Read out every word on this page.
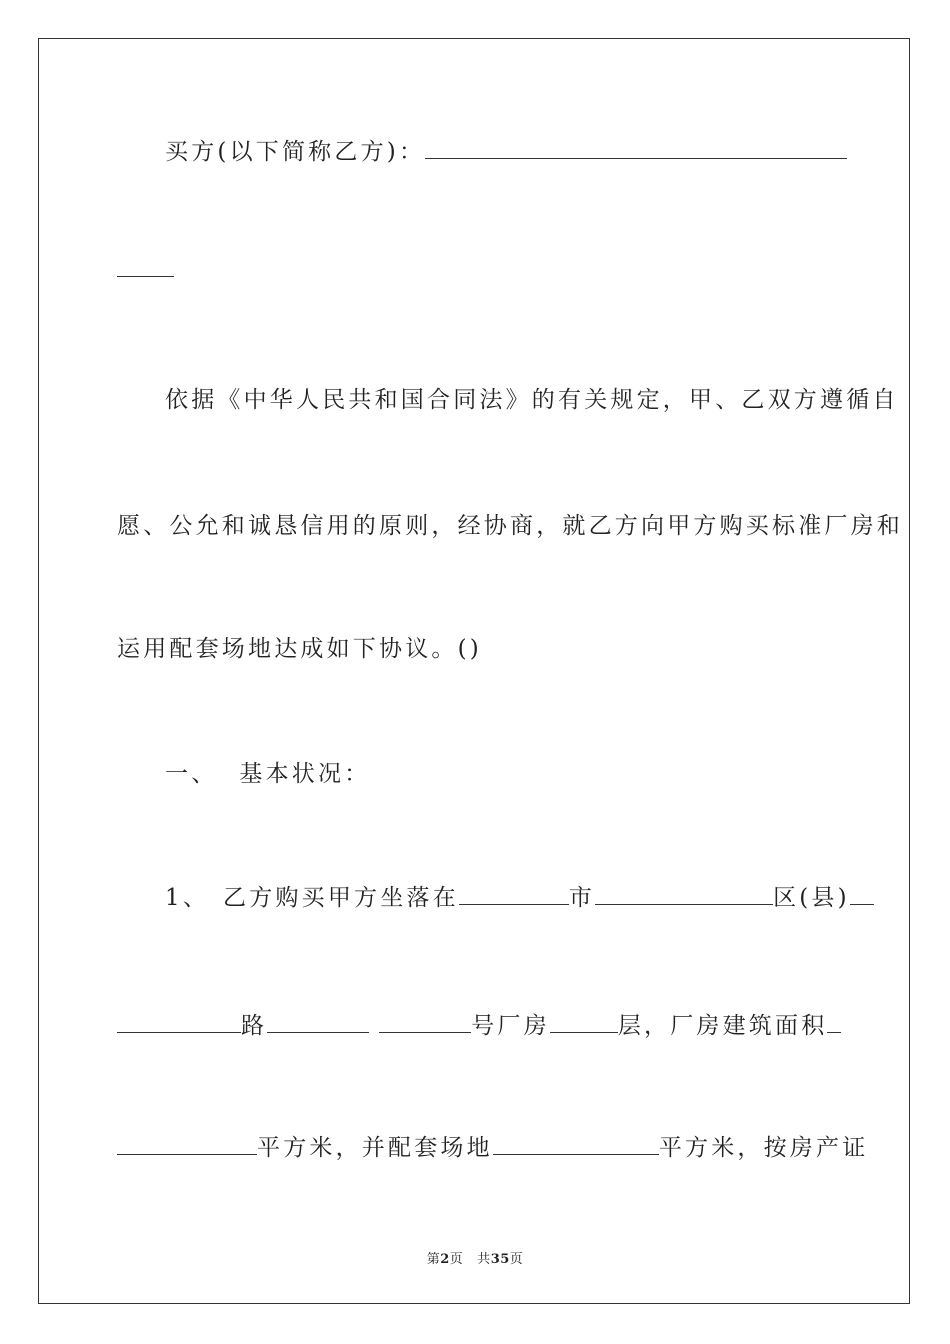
买方(以下简称乙方)：
依据《中华人民共和国合同法》的有关规定，甲、乙双方遵循自
愿、公允和诚恳信用的原则，经协商，就乙方向甲方购买标准厂房和
运用配套场地达成如下协议。()
一、 基本状况：
1、 乙方购买甲方坐落在	市	区(县)
路	号厂房	层，厂房建筑面积
平方米，并配套场地	平方米，按房产证
第2页 共35页
